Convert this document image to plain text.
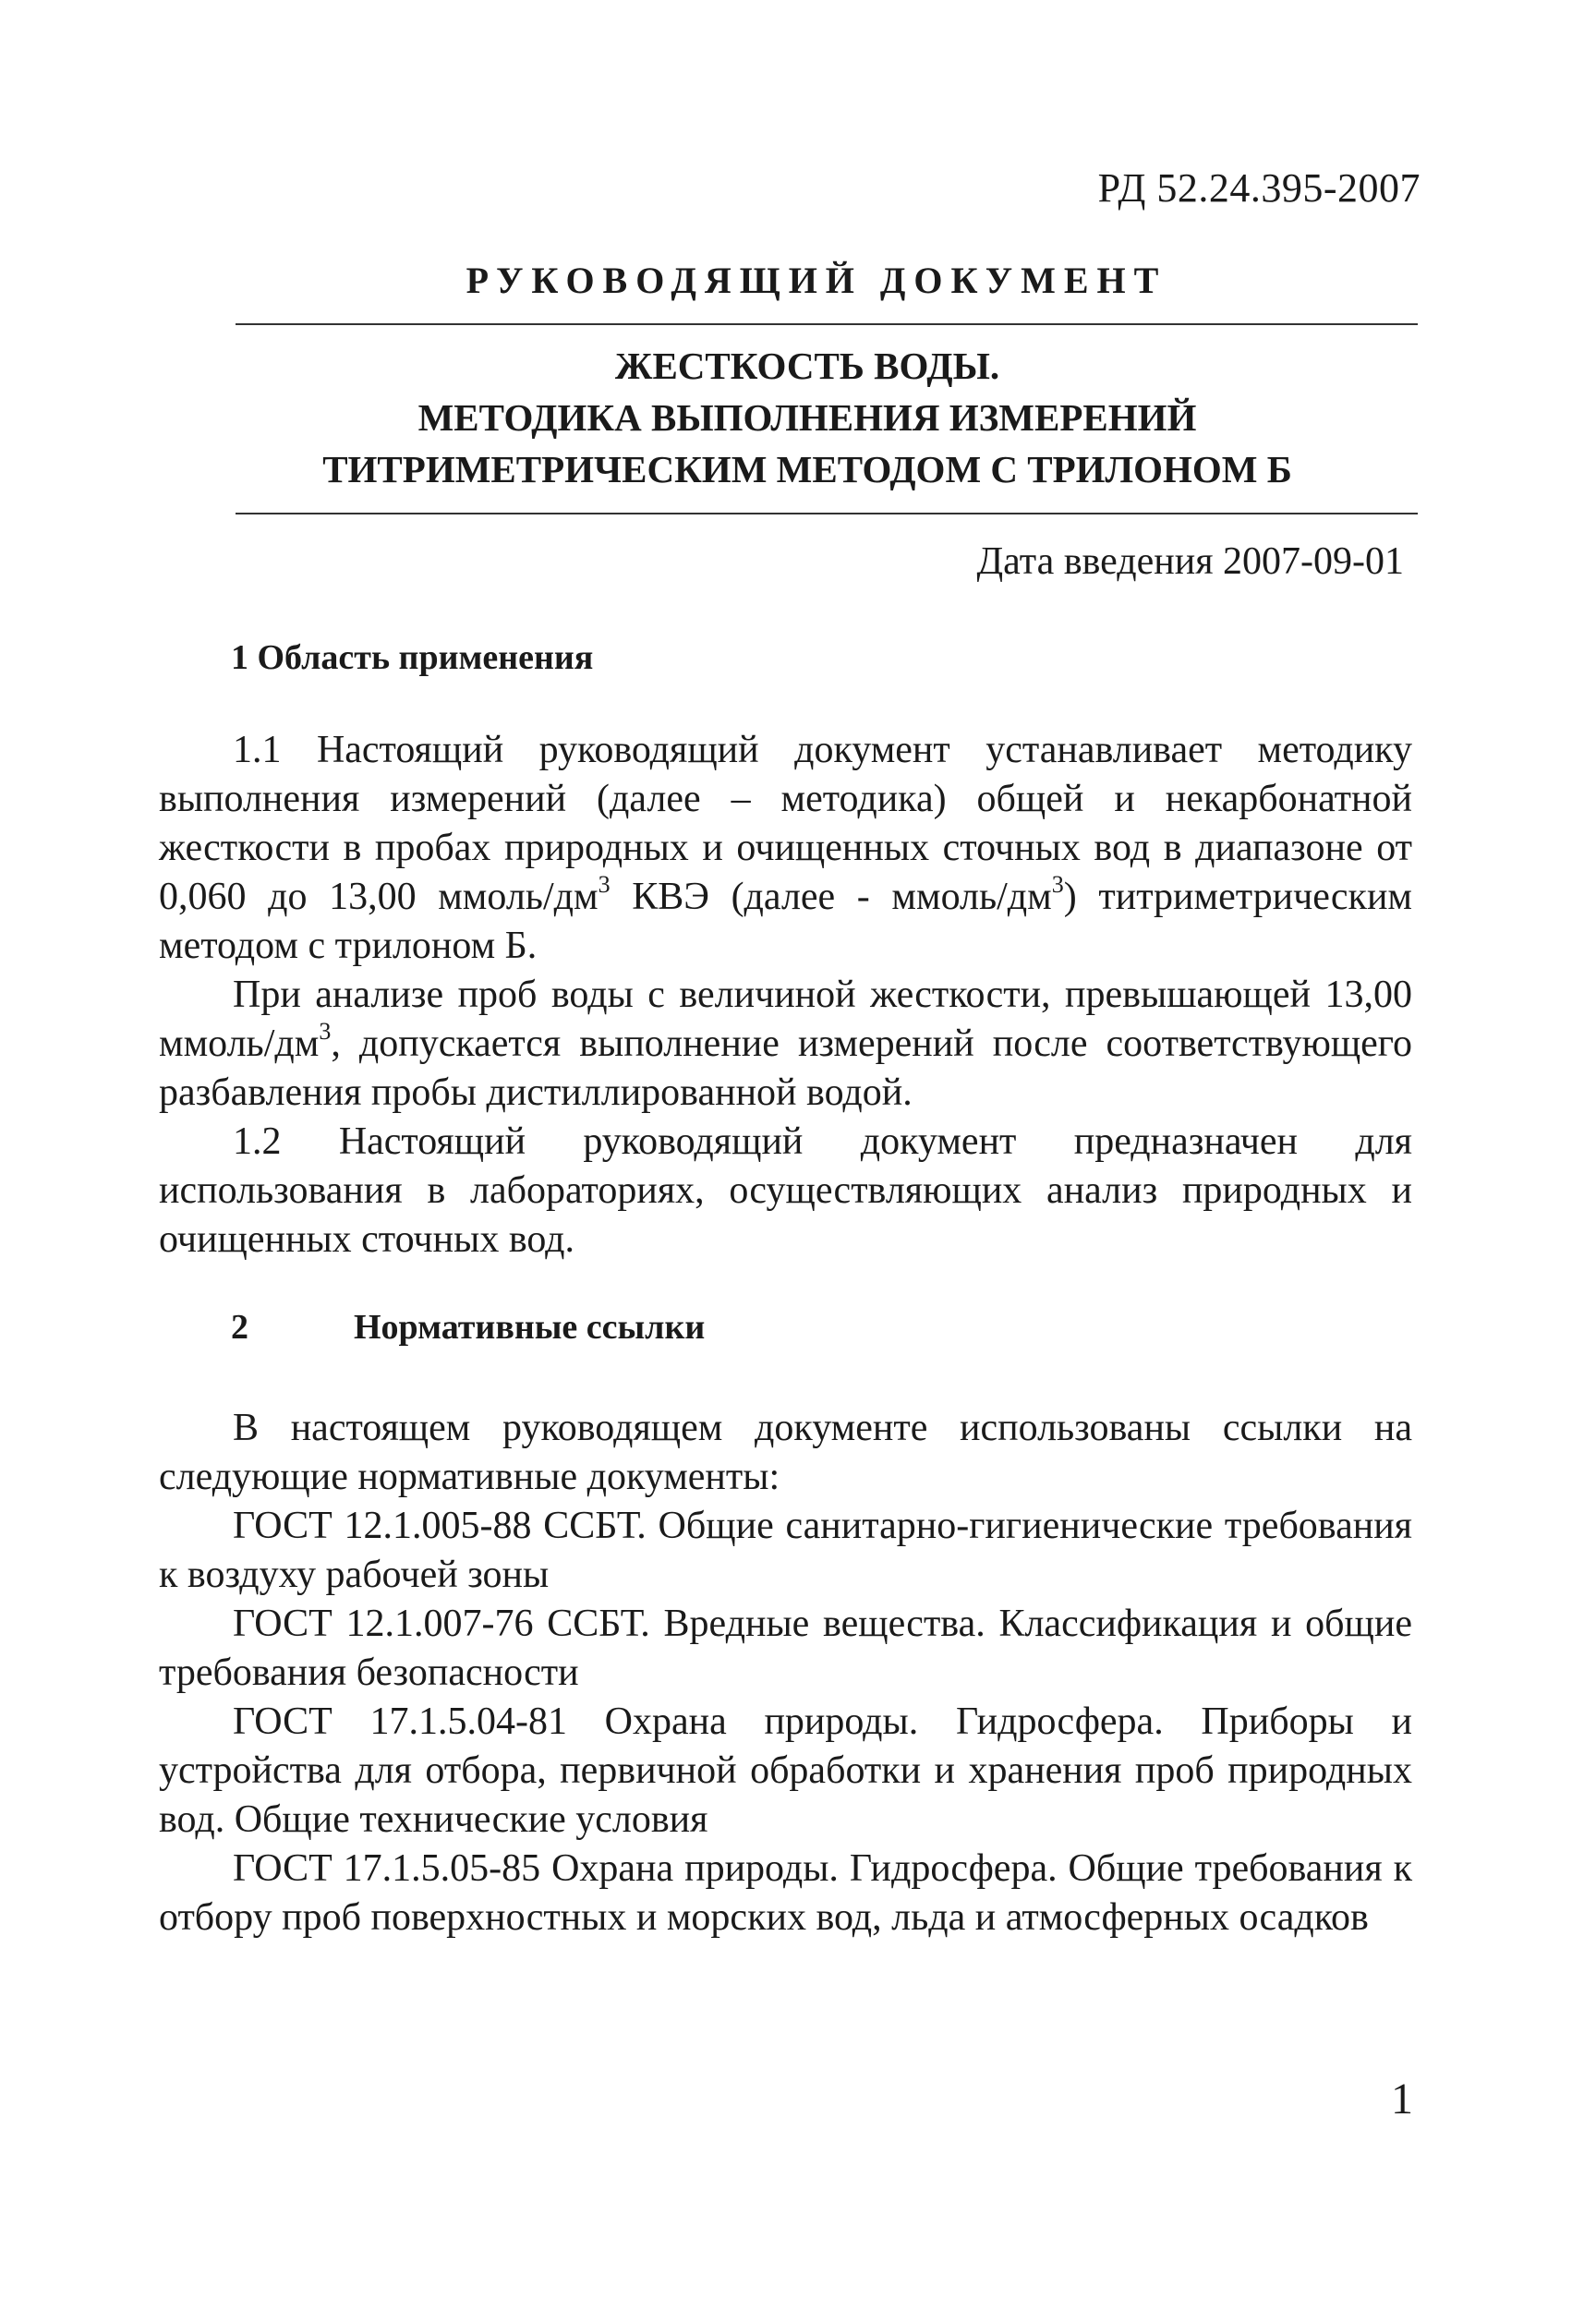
РД 52.24.395-2007
РУКОВОДЯЩИЙ ДОКУМЕНТ
ЖЕСТКОСТЬ ВОДЫ.
МЕТОДИКА ВЫПОЛНЕНИЯ ИЗМЕРЕНИЙ
ТИТРИМЕТРИЧЕСКИМ МЕТОДОМ С ТРИЛОНОМ Б
Дата введения 2007-09-01
1 Область применения

1.1 Настоящий руководящий документ устанавливает методику выполнения измерений (далее – методика) общей и некарбонатной жесткости в пробах природных и очищенных сточных вод в диапазоне от 0,060 до 13,00 ммоль/$дм^3$ КВЭ (далее - ммоль/$дм^3$) титриметрическим методом с трилоном Б.

При анализе проб воды с величиной жесткости, превышающей 13,00 ммоль/$дм^3$, допускается выполнение измерений после соответствующего разбавления пробы дистиллированной водой.

1.2 Настоящий руководящий документ предназначен для использования в лабораториях, осуществляющих анализ природных и очищенных сточных вод.

2	Нормативные ссылки

В настоящем руководящем документе использованы ссылки на следующие нормативные документы:

ГОСТ 12.1.005-88 ССБТ. Общие санитарно-гигиенические требования к воздуху рабочей зоны

ГОСТ 12.1.007-76 ССБТ. Вредные вещества. Классификация и общие требования безопасности

ГОСТ 17.1.5.04-81 Охрана природы. Гидросфера. Приборы и устройства для отбора, первичной обработки и хранения проб природных вод. Общие технические условия

ГОСТ 17.1.5.05-85 Охрана природы. Гидросфера. Общие требования к отбору проб поверхностных и морских вод, льда и атмосферных осадков

1
